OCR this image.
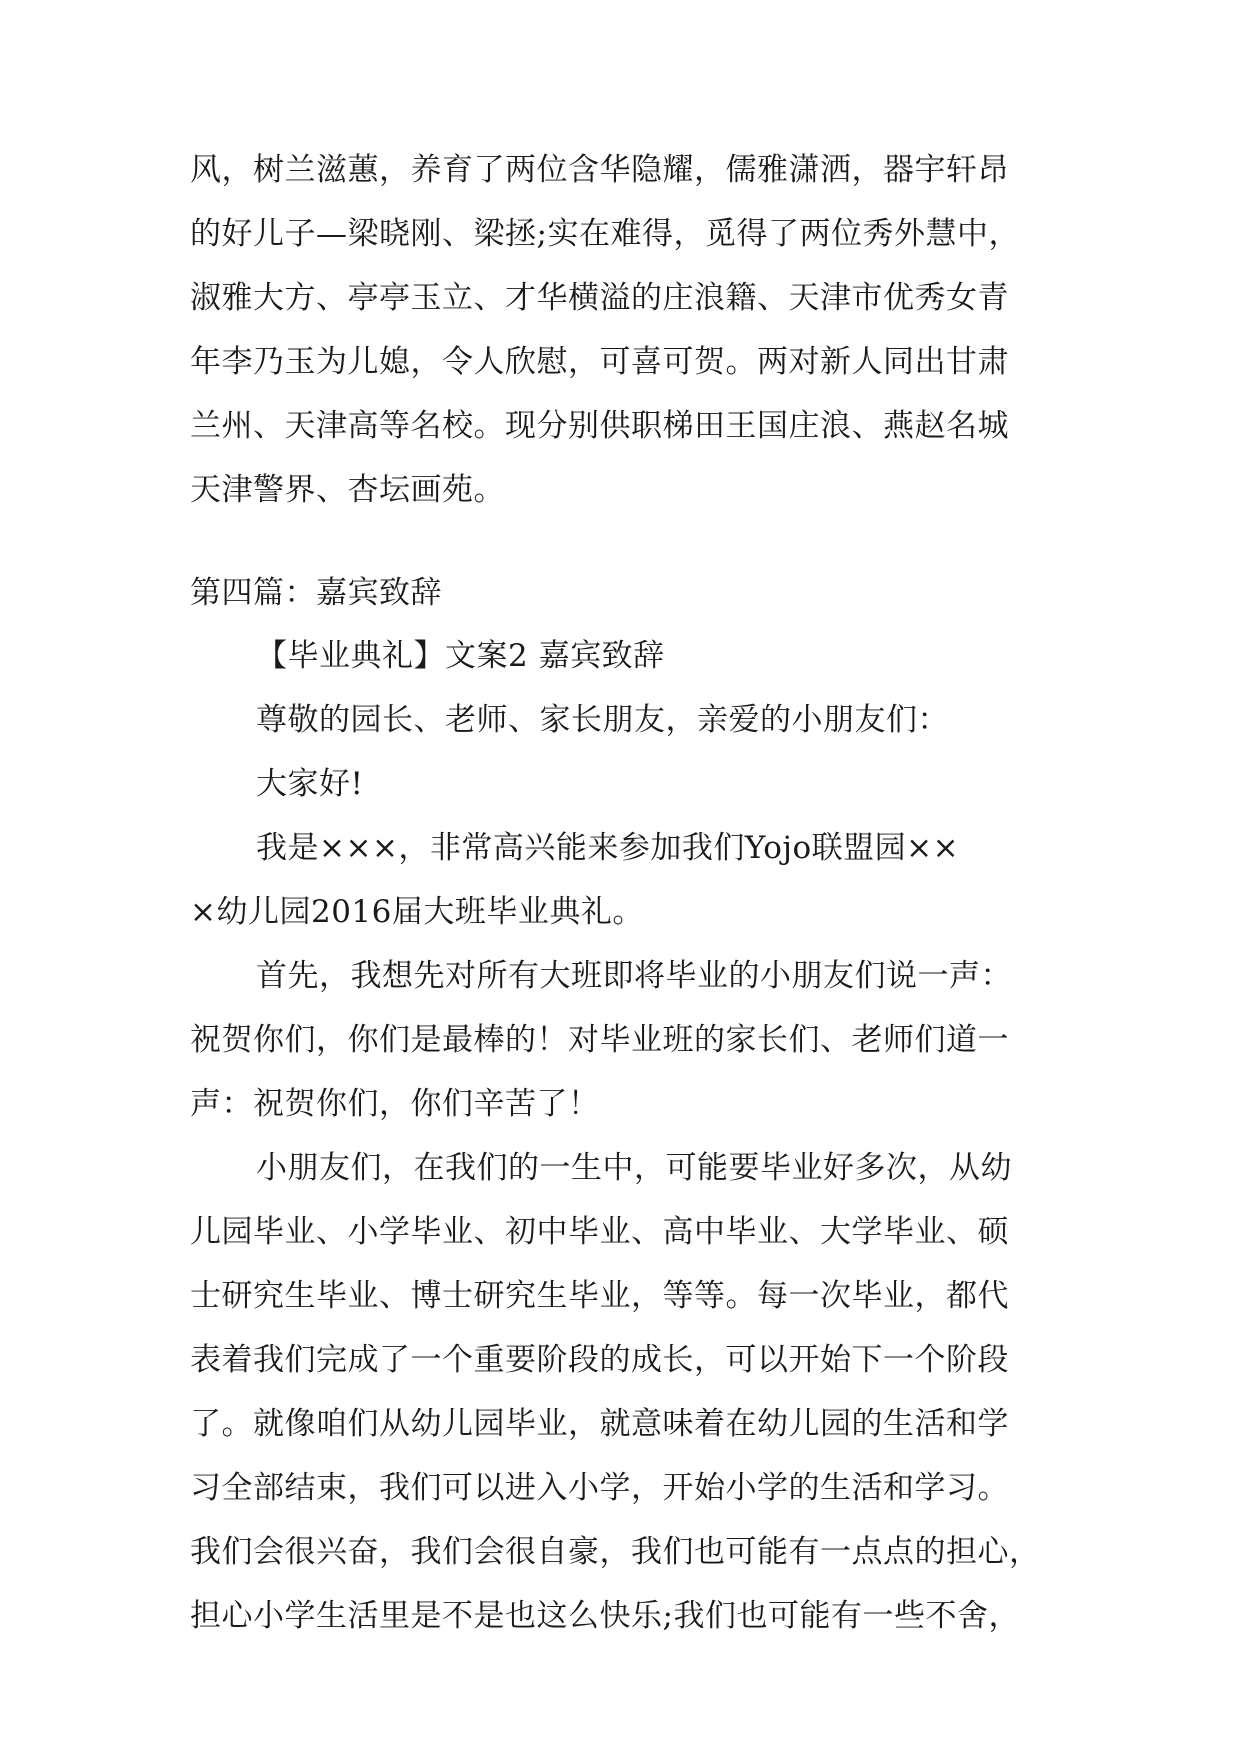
风，树兰滋蕙，养育了两位含华隐耀，儒雅潇洒，器宇轩昂
的好儿子—梁晓刚、梁拯;实在难得，觅得了两位秀外慧中，
淑雅大方、亭亭玉立、才华横溢的庄浪籍、天津市优秀女青
年李乃玉为儿媳，令人欣慰，可喜可贺。两对新人同出甘肃
兰州、天津高等名校。现分别供职梯田王国庄浪、燕赵名城
天津警界、杏坛画苑。
第四篇：嘉宾致辞
【毕业典礼】文案2 嘉宾致辞
尊敬的园长、老师、家长朋友，亲爱的小朋友们：
大家好!
我是×××，非常高兴能来参加我们Yojo联盟园××
×幼儿园2016届大班毕业典礼。
首先，我想先对所有大班即将毕业的小朋友们说一声：
祝贺你们，你们是最棒的！对毕业班的家长们、老师们道一
声：祝贺你们，你们辛苦了！
小朋友们，在我们的一生中，可能要毕业好多次，从幼
儿园毕业、小学毕业、初中毕业、高中毕业、大学毕业、硕
士研究生毕业、博士研究生毕业，等等。每一次毕业，都代
表着我们完成了一个重要阶段的成长，可以开始下一个阶段
了。就像咱们从幼儿园毕业，就意味着在幼儿园的生活和学
习全部结束，我们可以进入小学，开始小学的生活和学习。
我们会很兴奋，我们会很自豪，我们也可能有一点点的担心，
担心小学生活里是不是也这么快乐;我们也可能有一些不舍，
